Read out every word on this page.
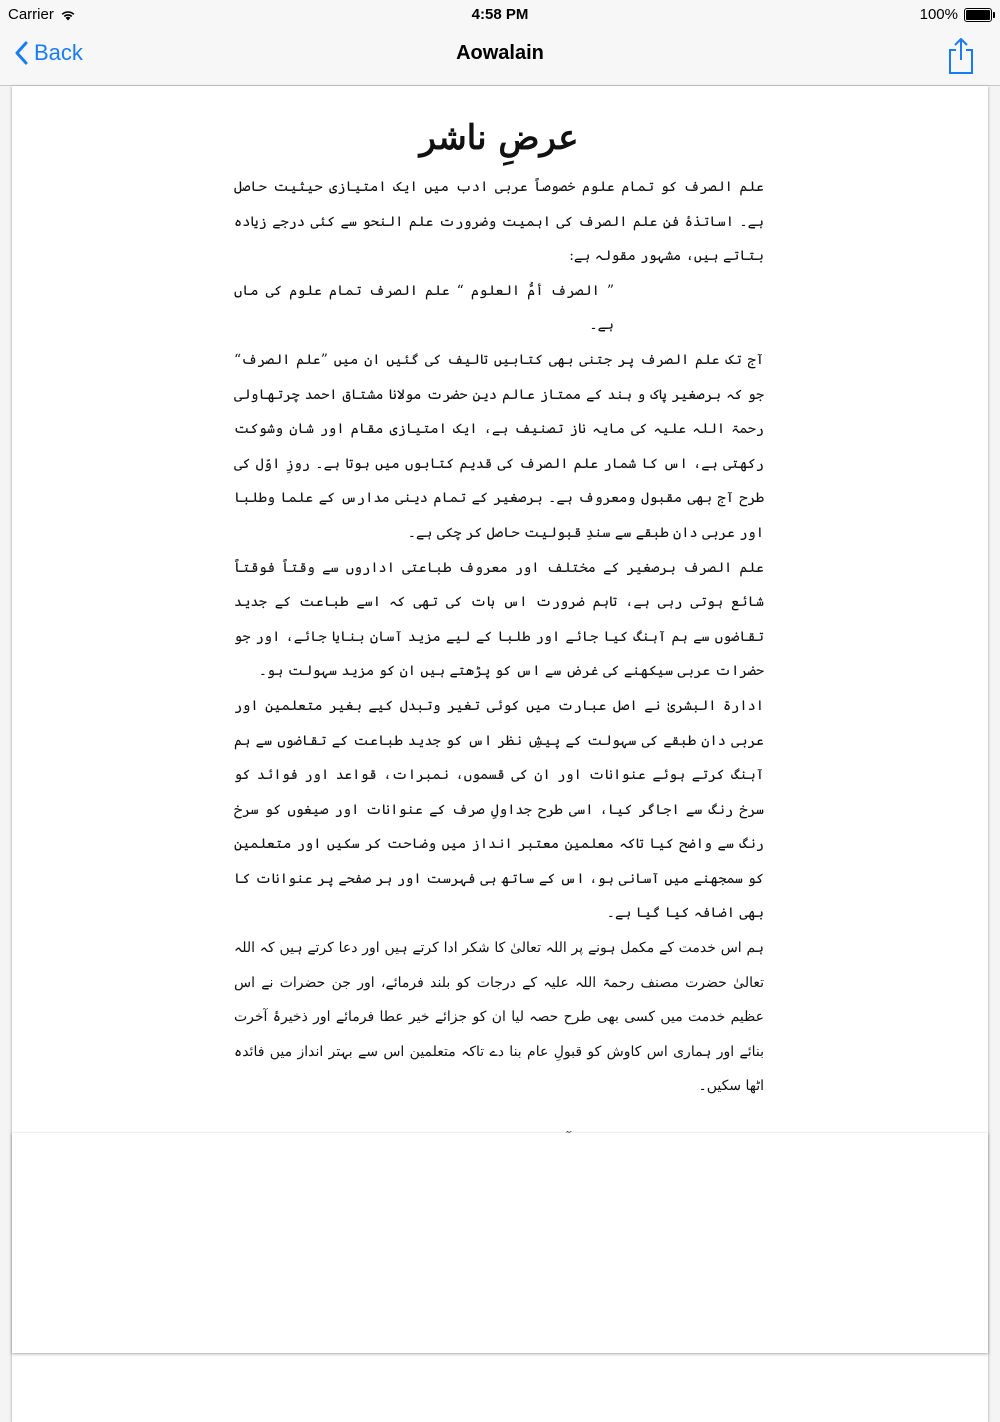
Carrier	4:58 PM	100%
Back	Aowalain
عرضِ ناشر

علم الصرف کو تمام علوم خصوصاً عربی ادب میں ایک امتیازی حیثیت حاصل ہے۔ اساتذۂ فنِ علم الصرف کی اہمیت وضرورت علم النحو سے کئی درجے زیادہ بتاتے ہیں، مشہور مقولہ ہے:

” الصرف أمُّ العلوم “ علم الصرف تمام علوم کی ماں ہے۔

آج تک علم الصرف پر جتنی بھی کتابیں تالیف کی گئیں ان میں ”علم الصرف“ جو کہ برصغیر پاک و ہند کے ممتاز عالم دین حضرت مولانا مشتاق احمد چرتھاولی رحمۃ اللہ علیہ کی مایہ ناز تصنیف ہے، ایک امتیازی مقام اور شان وشوکت رکھتی ہے، اس کا شمار علم الصرف کی قدیم کتابوں میں ہوتا ہے۔ روزِ اوّل کی طرح آج بھی مقبول ومعروف ہے۔ برصغیر کے تمام دینی مدارس کے علما وطلبا اور عربی دان طبقے سے سندِ قبولیت حاصل کر چکی ہے۔

علم الصرف برصغیر کے مختلف اور معروف طباعتی اداروں سے وقتاً فوقتاً شائع ہوتی رہی ہے، تاہم ضرورت اس بات کی تھی کہ اسے طباعت کے جدید تقاضوں سے ہم آہنگ کیا جائے اور طلبا کے لیے مزید آسان بنایا جائے، اور جو حضرات عربی سیکھنے کی غرض سے اس کو پڑھتے ہیں ان کو مزید سہولت ہو۔

ادارۃ البشریٰ نے اصل عبارت میں کوئی تغیر وتبدل کیے بغیر متعلمین اور عربی دان طبقے کی سہولت کے پیشِ نظر اس کو جدید طباعت کے تقاضوں سے ہم آہنگ کرتے ہوئے عنوانات اور ان کی قسموں، نمبرات، قواعد اور فوائد کو سرخ رنگ سے اجاگر کیا، اسی طرح جداولِ صرف کے عنوانات اور صیغوں کو سرخ رنگ سے واضح کیا تاکہ معلمین معتبر انداز میں وضاحت کر سکیں اور متعلمین کو سمجھنے میں آسانی ہو، اس کے ساتھ ہی فہرست اور ہر صفحے پر عنوانات کا بھی اضافہ کیا گیا ہے۔

ہم اس خدمت کے مکمل ہونے پر اللہ تعالیٰ کا شکر ادا کرتے ہیں اور دعا کرتے ہیں کہ اللہ تعالیٰ حضرت مصنف رحمۃ اللہ علیہ کے درجات کو بلند فرمائے، اور جن حضرات نے اس عظیم خدمت میں کسی بھی طرح حصہ لیا ان کو جزائے خیر عطا فرمائے اور ذخیرۂ آخرت بنائے اور ہماری اس کاوش کو قبولِ عام بنا دے تاکہ متعلمین اس سے بہتر انداز میں فائدہ اٹھا سکیں۔
